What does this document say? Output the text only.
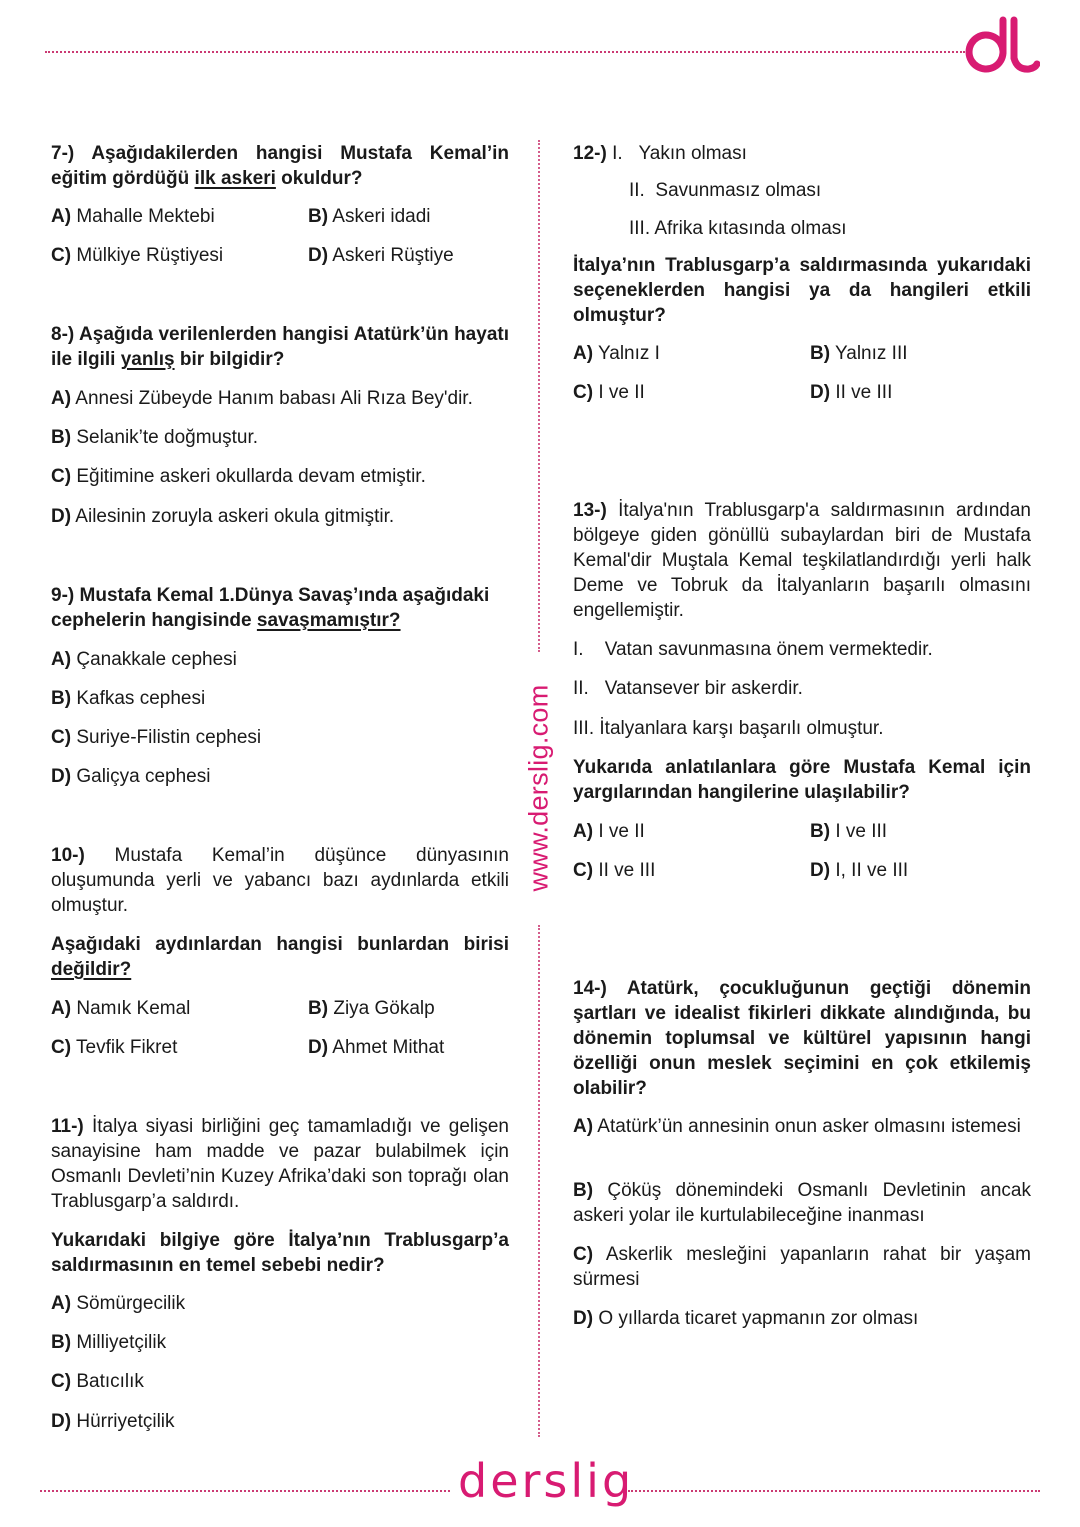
www.derslig.com
7-) Aşağıdakilerden hangisi Mustafa Kemal’in eğitim gördüğü ilk askeri okuldur?
A) Mahalle Mektebi	B) Askeri idadi
C) Mülkiye Rüştiyesi	D) Askeri Rüştiye
8-) Aşağıda verilenlerden hangisi Atatürk’ün hayatı ile ilgili yanlış bir bilgidir?
A) Annesi Zübeyde Hanım babası Ali Rıza Bey'dir.
B) Selanik’te doğmuştur.
C) Eğitimine askeri okullarda devam etmiştir.
D) Ailesinin zoruyla askeri okula gitmiştir.
9-) Mustafa Kemal 1.Dünya Savaş’ında aşağıdaki cephelerin hangisinde savaşmamıştır?
A) Çanakkale cephesi
B) Kafkas cephesi
C) Suriye-Filistin cephesi
D) Galiçya cephesi
10-) Mustafa Kemal’in düşünce dünyasının oluşumunda yerli ve yabancı bazı aydınlarda etkili olmuştur.
Aşağıdaki aydınlardan hangisi bunlardan birisi değildir?
A) Namık Kemal	B) Ziya Gökalp
C) Tevfik Fikret	D) Ahmet Mithat
11-) İtalya siyasi birliğini geç tamamladığı ve gelişen sanayisine ham madde ve pazar bulabilmek için Osmanlı Devleti’nin Kuzey Afrika’daki son toprağı olan Trablusgarp’a saldırdı.
Yukarıdaki bilgiye göre İtalya’nın Trablusgarp’a saldırmasının en temel sebebi nedir?
A) Sömürgecilik
B) Milliyetçilik
C) Batıcılık
D) Hürriyetçilik
12-) I. Yakın olması
II. Savunmasız olması
III. Afrika kıtasında olması
İtalya’nın Trablusgarp’a saldırmasında yukarıdaki seçeneklerden hangisi ya da hangileri etkili olmuştur?
A) Yalnız I	B) Yalnız III
C) I ve II	D) II ve III
13-) İtalya'nın Trablusgarp'a saldırmasının ardından bölgeye giden gönüllü subaylardan biri de Mustafa Kemal'dir Muştala Kemal teşkilatlandırdığı yerli halk Deme ve Tobruk da İtalyanların başarılı olmasını engellemiştir.
I. Vatan savunmasına önem vermektedir.
II. Vatansever bir askerdir.
III. İtalyanlara karşı başarılı olmuştur.
Yukarıda anlatılanlara göre Mustafa Kemal için yargılarından hangilerine ulaşılabilir?
A) I ve II	B) I ve III
C) II ve III	D) I, II ve III
14-) Atatürk, çocukluğunun geçtiği dönemin şartları ve idealist fikirleri dikkate alındığında, bu dönemin toplumsal ve kültürel yapısının hangi özelliği onun meslek seçimini en çok etkilemiş olabilir?
A) Atatürk’ün annesinin onun asker olmasını istemesi
B) Çöküş dönemindeki Osmanlı Devletinin ancak askeri yolar ile kurtulabileceğine inanması
C) Askerlik mesleğini yapanların rahat bir yaşam sürmesi
D) O yıllarda ticaret yapmanın zor olması
derslig
